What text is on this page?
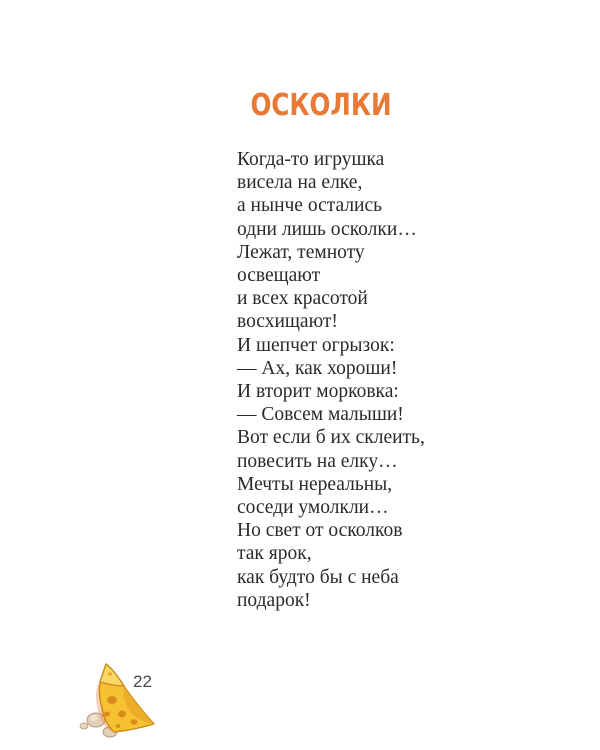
ОСКОЛКИ
Когда-то игрушка
висела на елке,
а нынче остались
одни лишь осколки…
Лежат, темноту
освещают
и всех красотой
восхищают!
И шепчет огрызок:
— Ах, как хороши!
И вторит морковка:
— Совсем малыши!
Вот если б их склеить,
повесить на елку…
Мечты нереальны,
соседи умолкли…
Но свет от осколков
так ярок,
как будто бы с неба
подарок!
22
